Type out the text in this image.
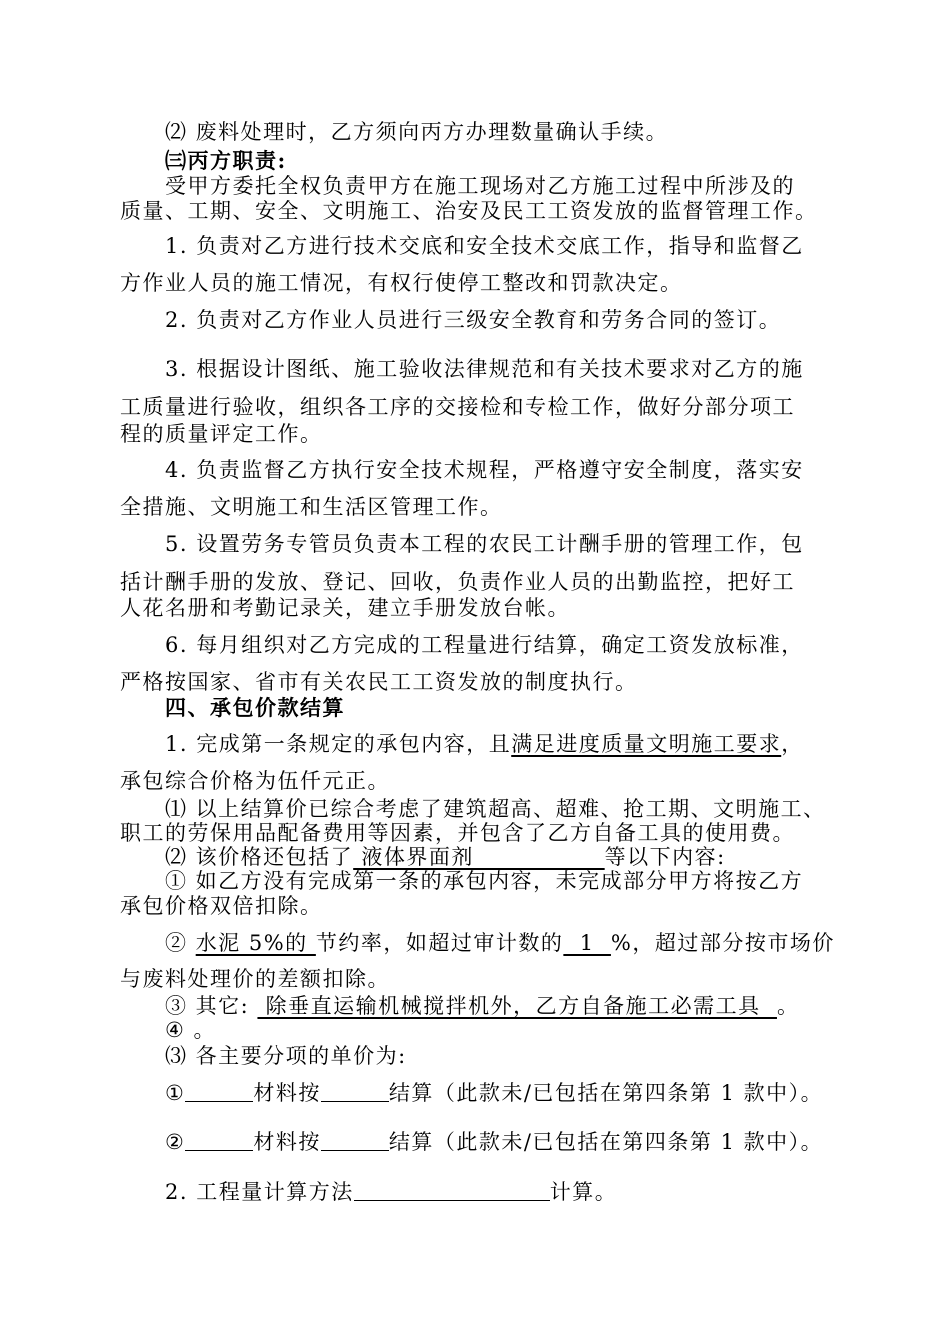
⑵ 废料处理时，乙方须向丙方办理数量确认手续。
㈢丙方职责:
受甲方委托全权负责甲方在施工现场对乙方施工过程中所涉及的
质量、工期、安全、文明施工、治安及民工工资发放的监督管理工作。
1. 负责对乙方进行技术交底和安全技术交底工作，指导和监督乙
方作业人员的施工情况，有权行使停工整改和罚款决定。
2. 负责对乙方作业人员进行三级安全教育和劳务合同的签订。
3. 根据设计图纸、施工验收法律规范和有关技术要求对乙方的施
工质量进行验收，组织各工序的交接检和专检工作，做好分部分项工
程的质量评定工作。
4. 负责监督乙方执行安全技术规程，严格遵守安全制度，落实安
全措施、文明施工和生活区管理工作。
5. 设置劳务专管员负责本工程的农民工计酬手册的管理工作，包
括计酬手册的发放、登记、回收，负责作业人员的出勤监控，把好工
人花名册和考勤记录关，建立手册发放台帐。
6. 每月组织对乙方完成的工程量进行结算，确定工资发放标准，
严格按国家、省市有关农民工工资发放的制度执行。
四、承包价款结算
1. 完成第一条规定的承包内容，且满足进度质量文明施工要求，
承包综合价格为伍仟元正。
⑴ 以上结算价已综合考虑了建筑超高、超难、抢工期、文明施工、
职工的劳保用品配备费用等因素，并包含了乙方自备工具的使用费。
⑵ 该价格还包括了 液体界面剂                等以下内容:
① 如乙方没有完成第一条的承包内容，未完成部分甲方将按乙方
承包价格双倍扣除。
② 水泥 5%的 节约率，如超过审计数的  1  %，超过部分按市场价
与废料处理价的差额扣除。
③ 其它:  除垂直运输机械搅拌机外，乙方自备施工必需工具  。
④ 。
⑶ 各主要分项的单价为:
①	材料按	结算（此款未/已包括在第四条第 1 款中）。
②	材料按	结算（此款未/已包括在第四条第 1 款中）。
2. 工程量计算方法	计算。
